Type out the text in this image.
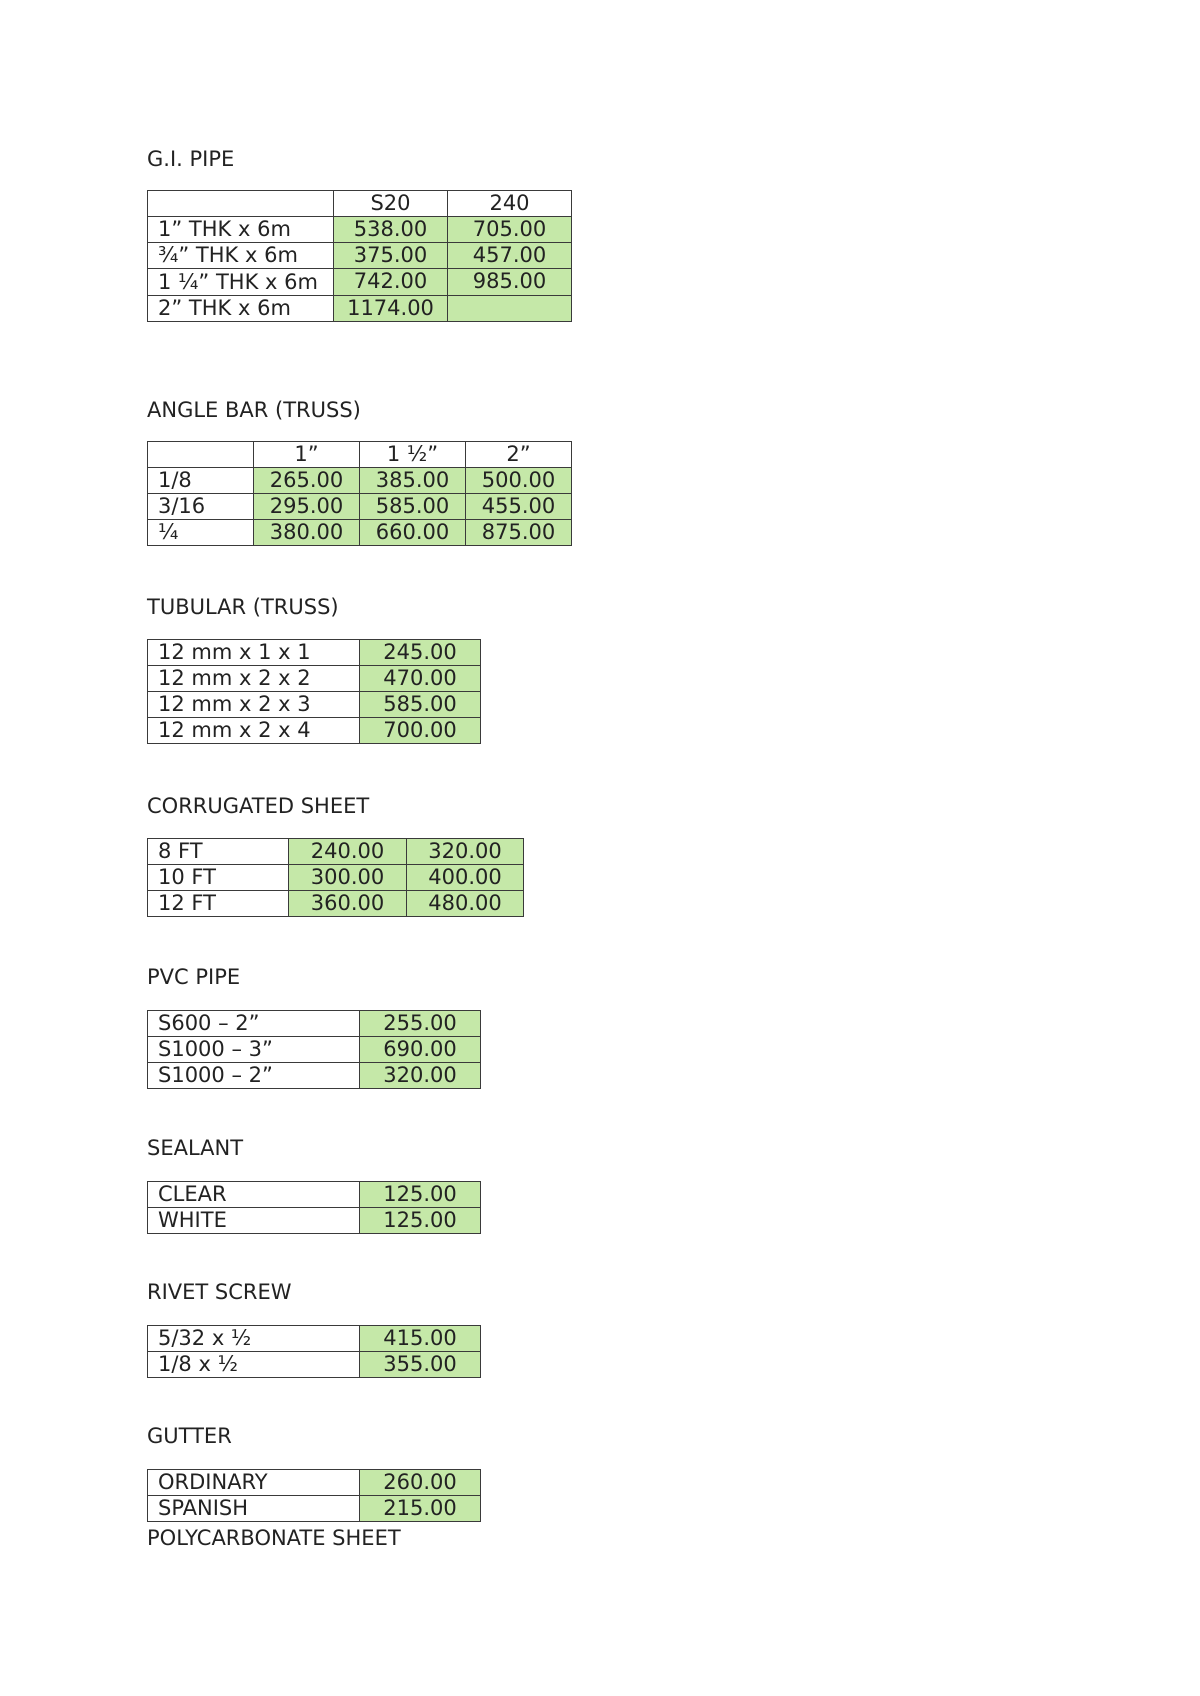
G.I. PIPE
	S20	240
1” THK x 6m	538.00	705.00
¾” THK x 6m	375.00	457.00
1 ¼” THK x 6m	742.00	985.00
2” THK x 6m	1174.00	
ANGLE BAR (TRUSS)
	1”	1 ½”	2”
1/8	265.00	385.00	500.00
3/16	295.00	585.00	455.00
¼	380.00	660.00	875.00
TUBULAR (TRUSS)
12 mm x 1 x 1	245.00
12 mm x 2 x 2	470.00
12 mm x 2 x 3	585.00
12 mm x 2 x 4	700.00
CORRUGATED SHEET
8 FT	240.00	320.00
10 FT	300.00	400.00
12 FT	360.00	480.00
PVC PIPE
S600 – 2”	255.00
S1000 – 3”	690.00
S1000 – 2”	320.00
SEALANT
CLEAR	125.00
WHITE	125.00
RIVET SCREW
5/32 x ½	415.00
1/8 x ½	355.00
GUTTER
ORDINARY	260.00
SPANISH	215.00
POLYCARBONATE SHEET
